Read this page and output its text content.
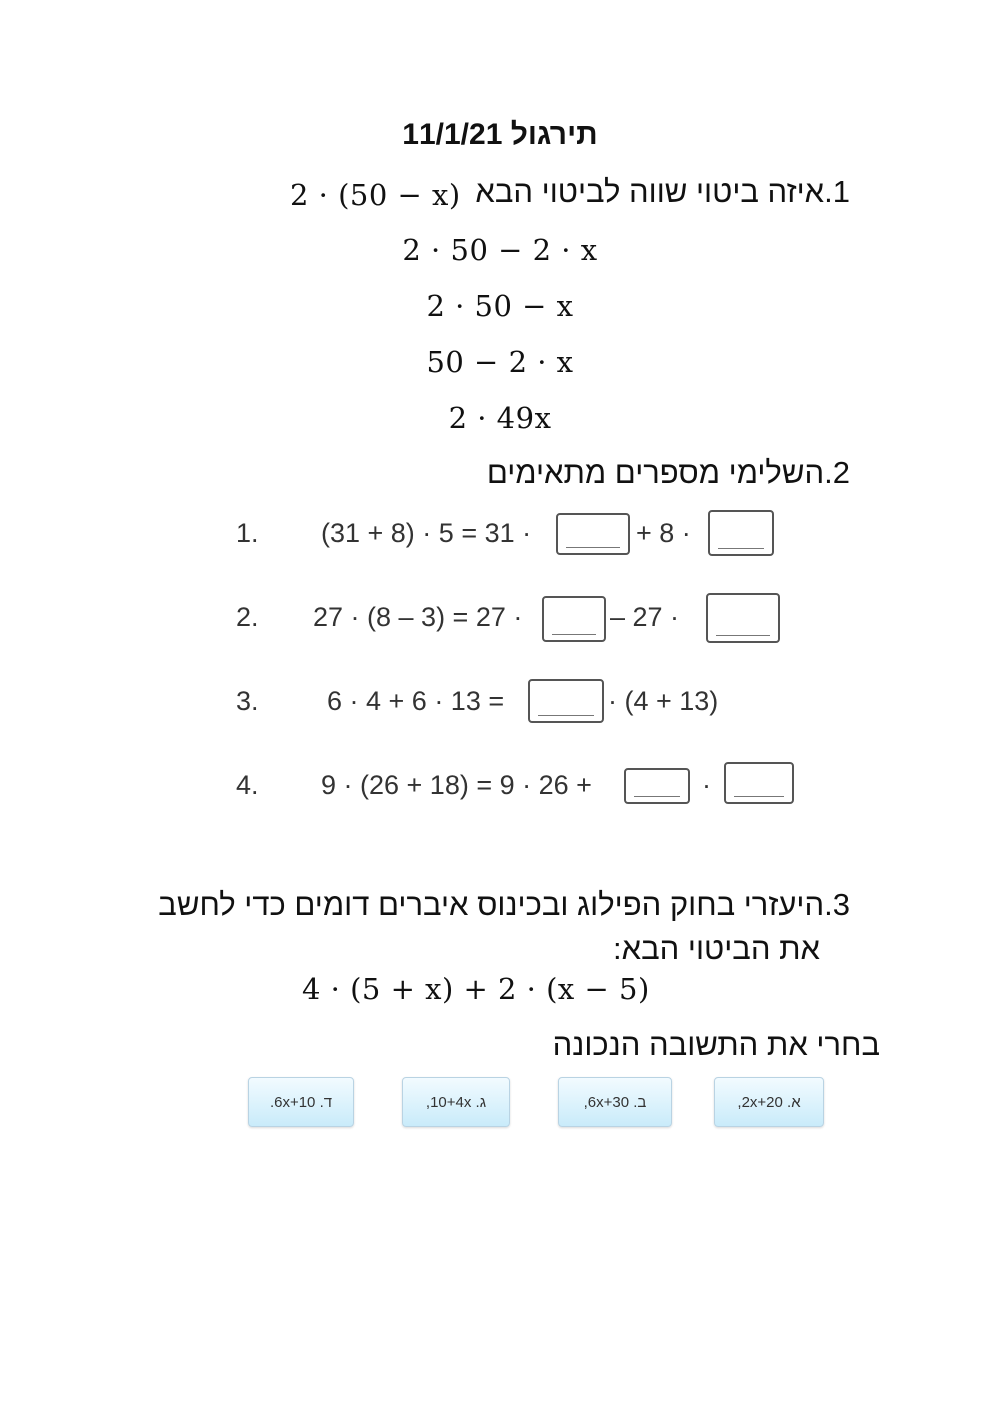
תירגול 11/1/21
1.איזה ביטוי שווה לביטוי הבא
2 · (50 − x)
2 · 50 − 2 · x
2 · 50 − x
50 − 2 · x
2 · 49x
2.השלימי מספרים מתאימים
1. (31 + 8) · 5 = 31 ·	+ 8 ·
2. 27 · (8 – 3) = 27 ·	– 27 ·
3.	6 · 4 + 6 · 13 =	· (4 + 13)
4. 9 · (26 + 18) = 9 · 26 +	·
3.היעזרי בחוק הפילוג ובכינוס איברים דומים כדי לחשב
את הביטוי הבא:
4 · (5 + x) + 2 · (x − 5)
בחרי את התשובה הנכונה
א. 2x+20,
ב. 6x+30,
ג. 10+4x,
ד. 6x+10.
